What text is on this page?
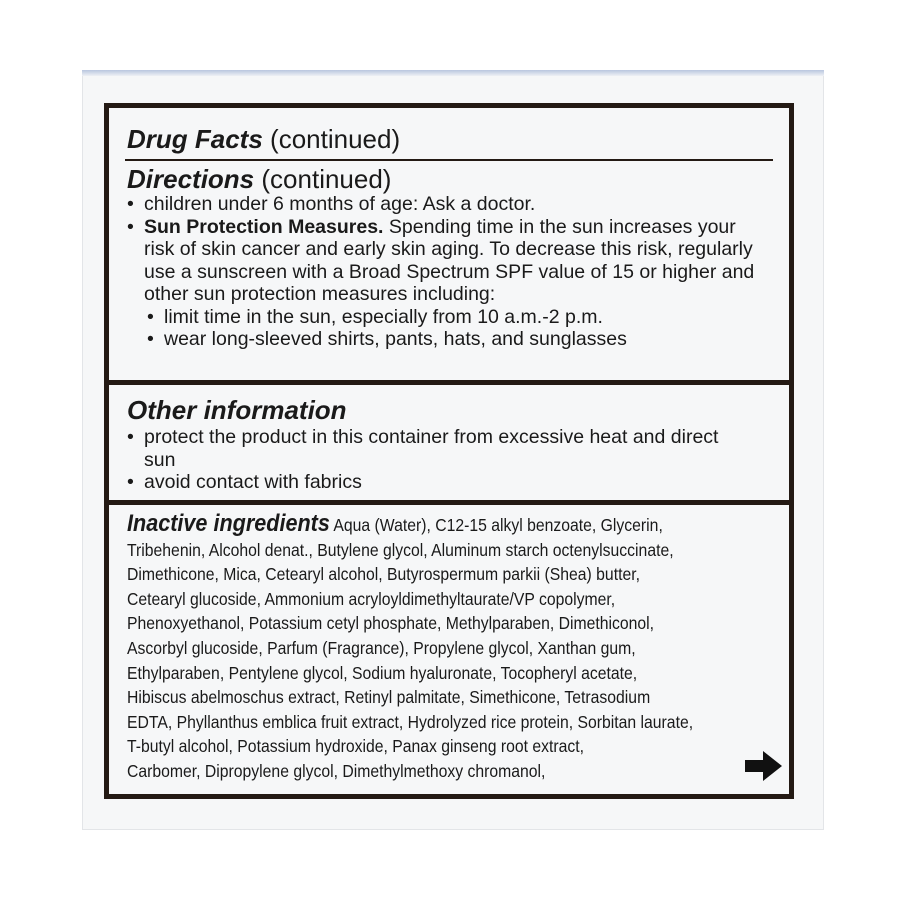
Drug Facts (continued)
Directions (continued)
• children under 6 months of age: Ask a doctor.
• Sun Protection Measures. Spending time in the sun increases your risk of skin cancer and early skin aging. To decrease this risk, regularly use a sunscreen with a Broad Spectrum SPF value of 15 or higher and other sun protection measures including:
• limit time in the sun, especially from 10 a.m.-2 p.m.
• wear long-sleeved shirts, pants, hats, and sunglasses
Other information
• protect the product in this container from excessive heat and direct sun
• avoid contact with fabrics
Inactive ingredients Aqua (Water), C12-15 alkyl benzoate, Glycerin,
Tribehenin, Alcohol denat., Butylene glycol, Aluminum starch octenylsuccinate,
Dimethicone, Mica, Cetearyl alcohol, Butyrospermum parkii (Shea) butter,
Cetearyl glucoside, Ammonium acryloyldimethyltaurate/VP copolymer,
Phenoxyethanol, Potassium cetyl phosphate, Methylparaben, Dimethiconol,
Ascorbyl glucoside, Parfum (Fragrance), Propylene glycol, Xanthan gum,
Ethylparaben, Pentylene glycol, Sodium hyaluronate, Tocopheryl acetate,
Hibiscus abelmoschus extract, Retinyl palmitate, Simethicone, Tetrasodium
EDTA, Phyllanthus emblica fruit extract, Hydrolyzed rice protein, Sorbitan laurate,
T-butyl alcohol, Potassium hydroxide, Panax ginseng root extract,
Carbomer, Dipropylene glycol, Dimethylmethoxy chromanol,
